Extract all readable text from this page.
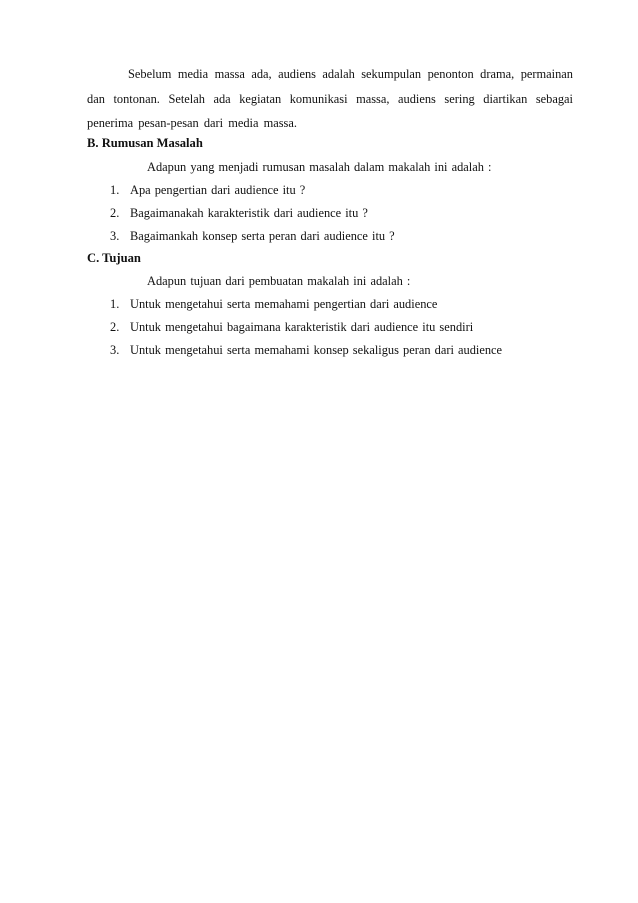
Sebelum media massa ada, audiens adalah sekumpulan penonton drama, permainan dan tontonan. Setelah ada kegiatan komunikasi massa, audiens sering diartikan sebagai penerima pesan-pesan dari media massa.

B. Rumusan Masalah

Adapun yang menjadi rumusan masalah dalam makalah ini adalah :

1. Apa pengertian dari audience itu ?

2. Bagaimanakah karakteristik dari audience itu ?

3. Bagaimankah konsep serta peran dari audience itu ?

C. Tujuan

Adapun tujuan dari pembuatan makalah ini adalah :

1. Untuk mengetahui serta memahami pengertian dari audience

2. Untuk mengetahui bagaimana karakteristik dari audience itu sendiri

3. Untuk mengetahui serta memahami konsep sekaligus peran dari audience
